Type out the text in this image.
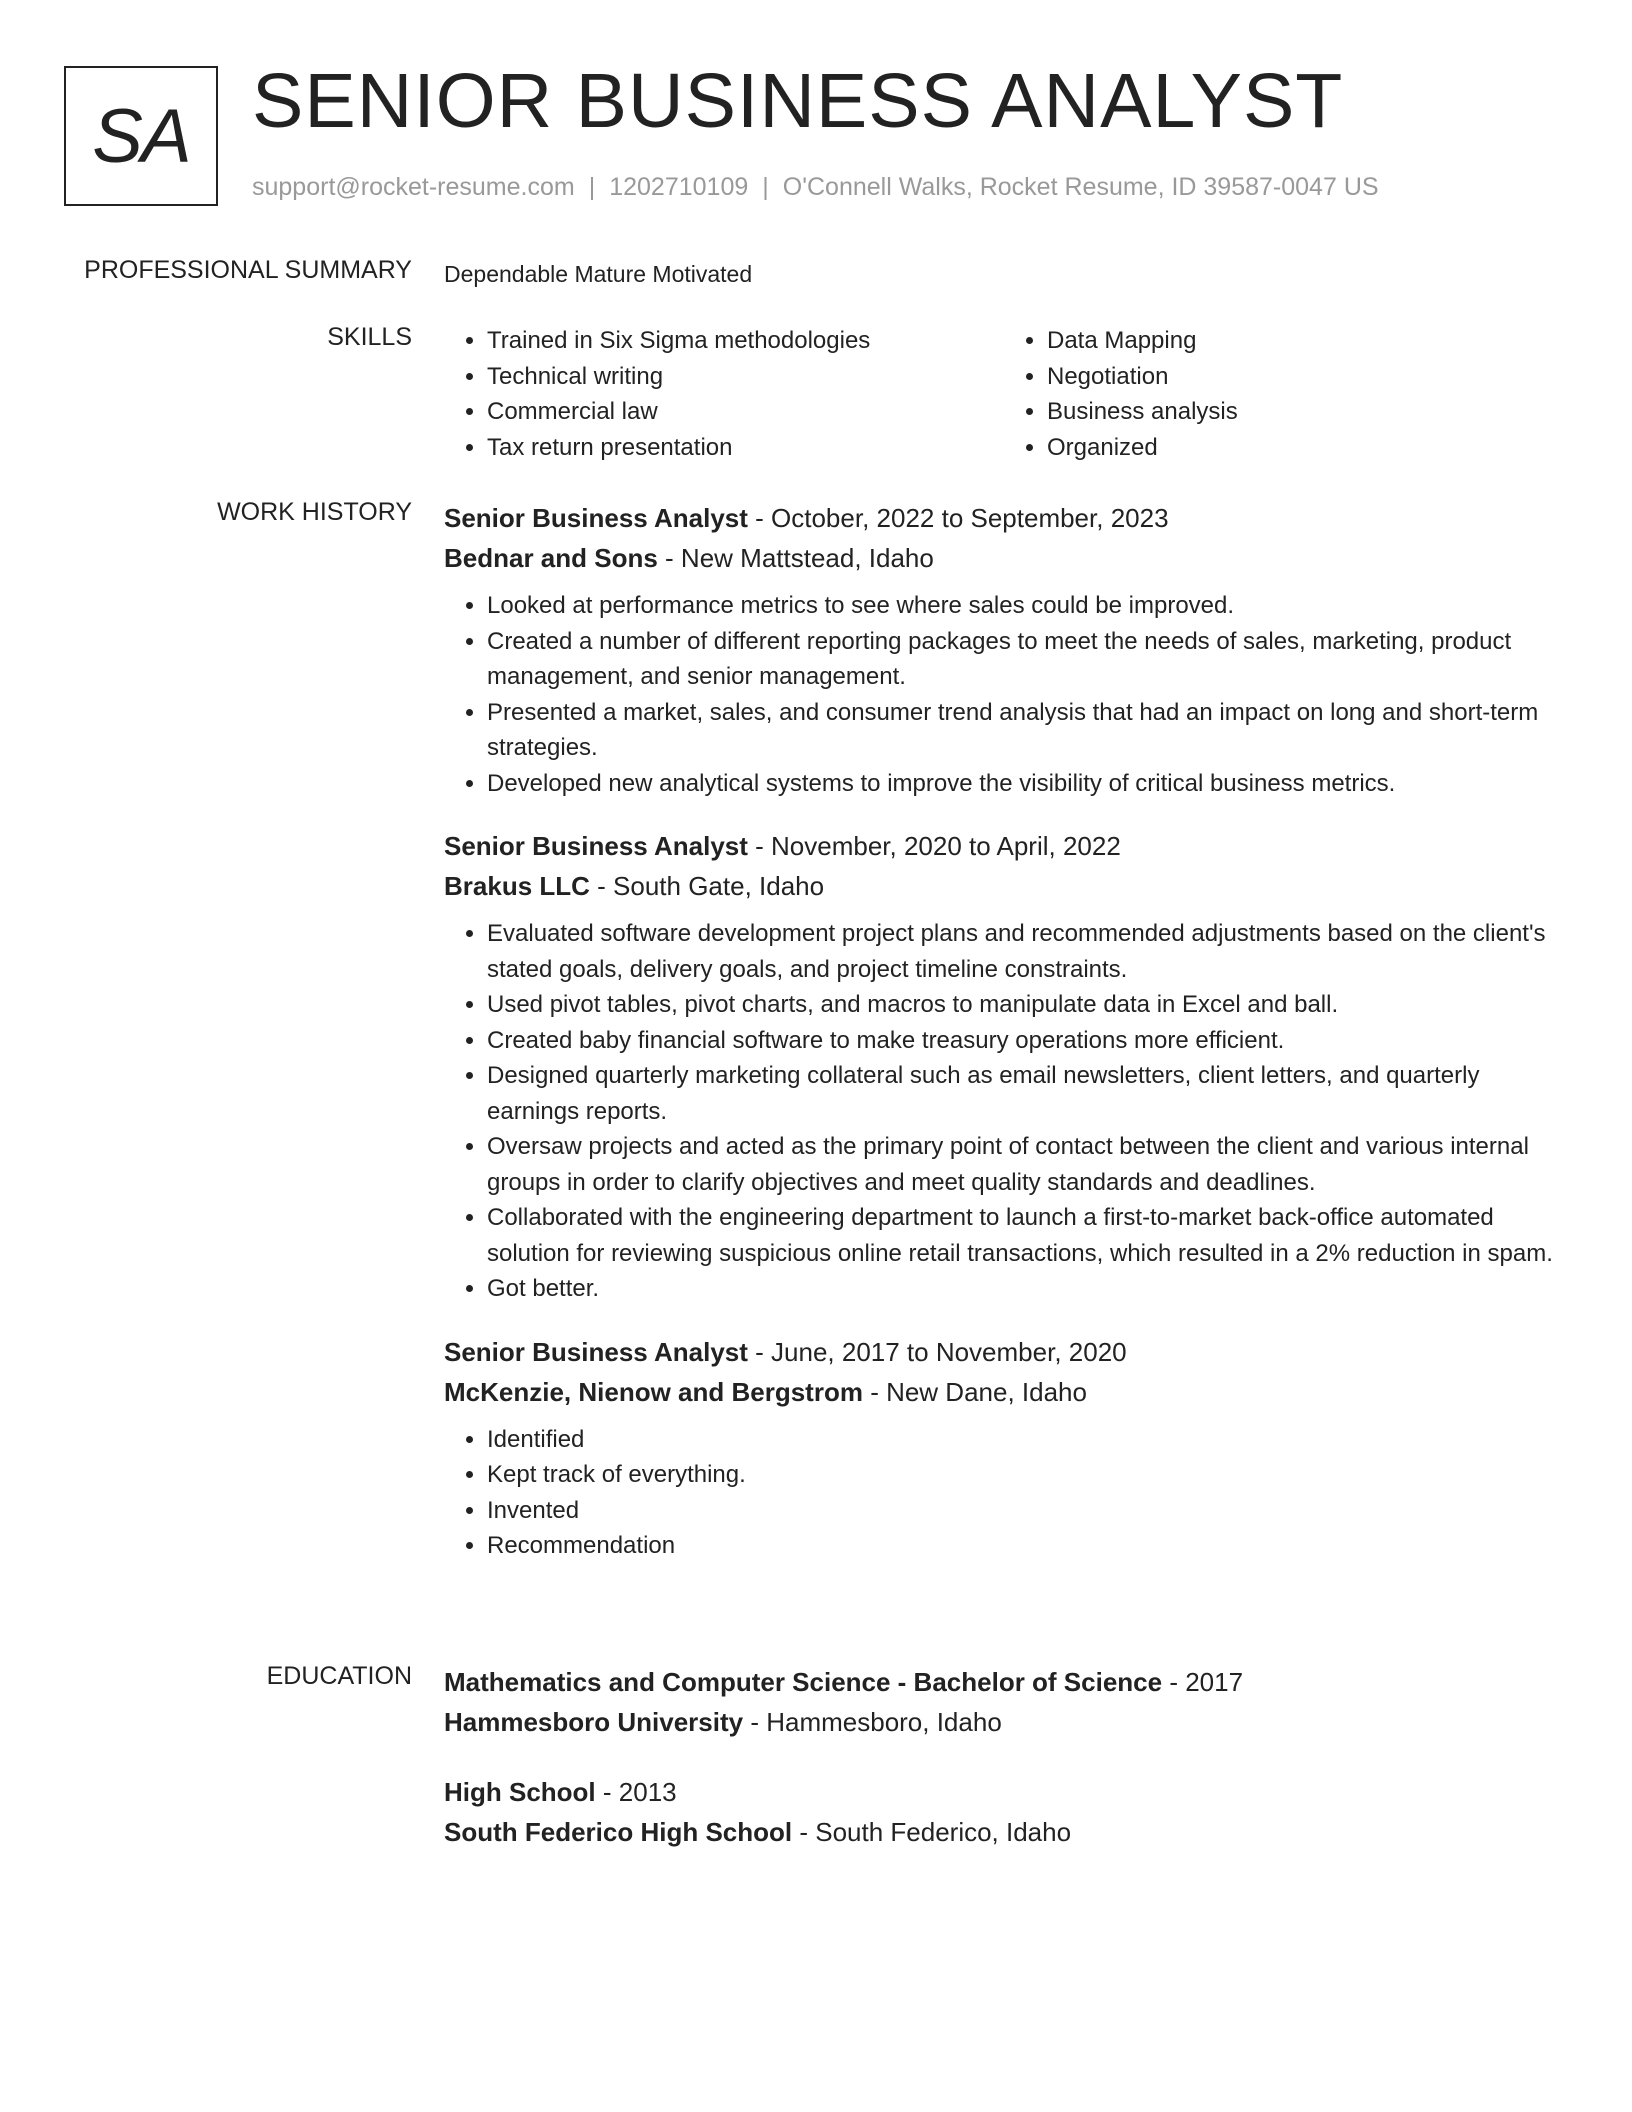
SA SENIOR BUSINESS ANALYST
support@rocket-resume.com | 1202710109 | O'Connell Walks, Rocket Resume, ID 39587-0047 US
PROFESSIONAL SUMMARY Dependable Mature Motivated
SKILLS
•	Trained in Six Sigma methodologies
• Technical writing
• Commercial law
• Tax return presentation
• Data Mapping
• Negotiation
• Business analysis
• Organized
WORK HISTORY Senior Business Analyst - October, 2022 to September, 2023
Bednar and Sons - New Mattstead, Idaho
• Looked at performance metrics to see where sales could be improved.
• Created a number of different reporting packages to meet the needs of sales, marketing, product management, and senior management.
• Presented a market, sales, and consumer trend analysis that had an impact on long and short-term strategies.
• Developed new analytical systems to improve the visibility of critical business metrics.
Senior Business Analyst - November, 2020 to April, 2022
Brakus LLC - South Gate, Idaho
• Evaluated software development project plans and recommended adjustments based on the client's stated goals, delivery goals, and project timeline constraints.
• Used pivot tables, pivot charts, and macros to manipulate data in Excel and ball.
• Created baby financial software to make treasury operations more efficient.
• Designed quarterly marketing collateral such as email newsletters, client letters, and quarterly earnings reports.
• Oversaw projects and acted as the primary point of contact between the client and various internal groups in order to clarify objectives and meet quality standards and deadlines.
• Collaborated with the engineering department to launch a first-to-market back-office automated solution for reviewing suspicious online retail transactions, which resulted in a 2% reduction in spam.
• Got better.
Senior Business Analyst - June, 2017 to November, 2020
McKenzie, Nienow and Bergstrom - New Dane, Idaho
• Identified
• Kept track of everything.
• Invented
• Recommendation
EDUCATION Mathematics and Computer Science - Bachelor of Science - 2017
Hammesboro University - Hammesboro, Idaho
High School - 2013
South Federico High School - South Federico, Idaho
